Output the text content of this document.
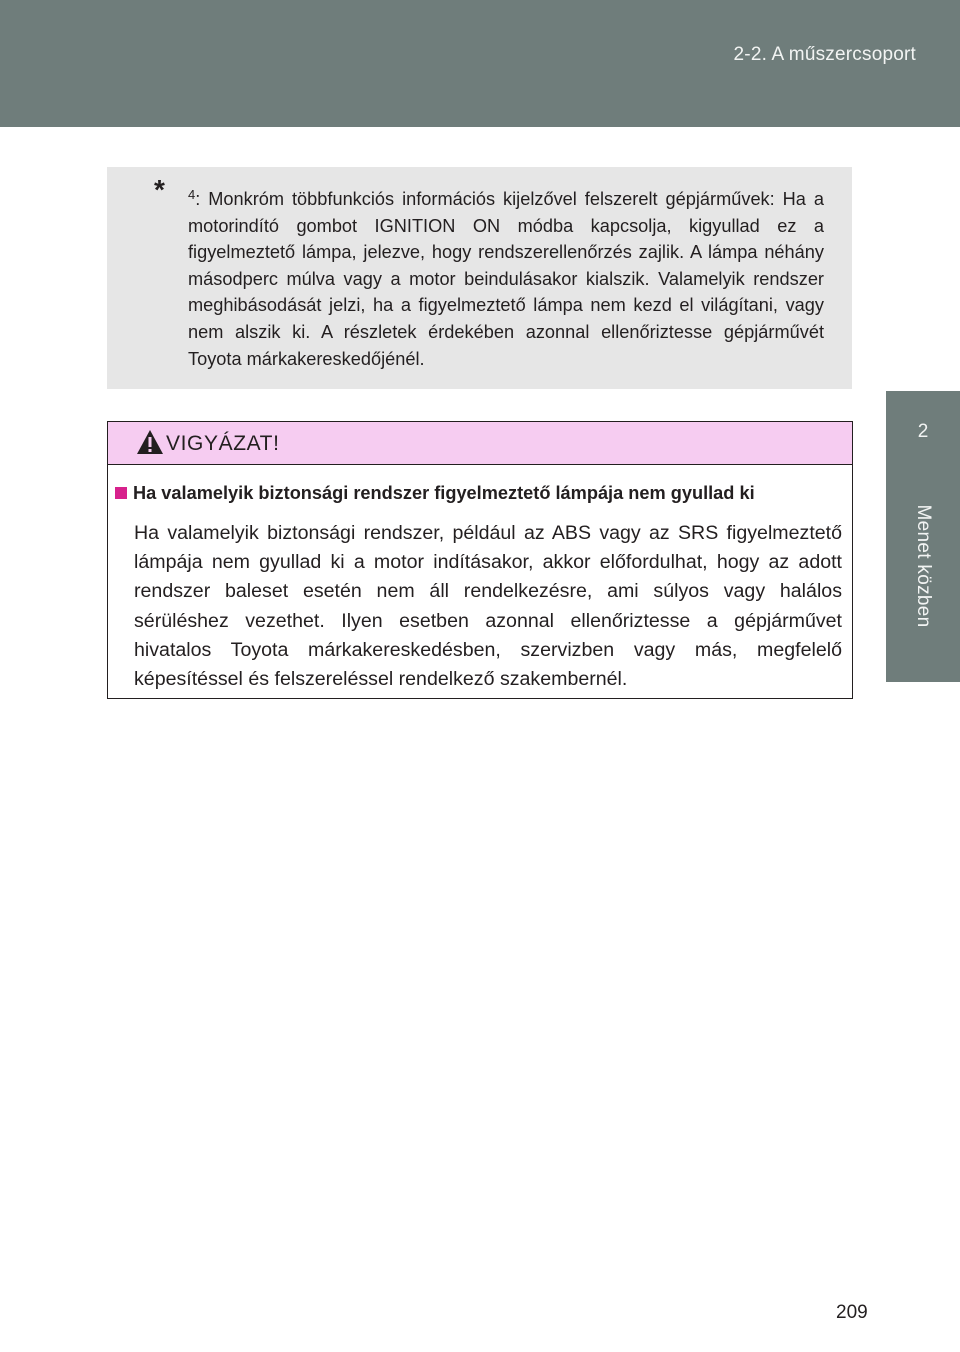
2-2. A műszercsoport
2
Menet közben
* $^4$: Monkróm többfunkciós információs kijelzővel felszerelt gépjárművek: Ha a motorindító gombot IGNITION ON módba kapcsolja, kigyullad ez a figyelmeztető lámpa, jelezve, hogy rendszerellenőrzés zajlik. A lámpa néhány másodperc múlva vagy a motor beindulásakor kialszik. Valamelyik rendszer meghibásodását jelzi, ha a figyelmeztető lámpa nem kezd el világítani, vagy nem alszik ki. A részletek érdekében azonnal ellenőriztesse gépjárművét Toyota márkakereskedőjénél.
VIGYÁZAT!
Ha valamelyik biztonsági rendszer figyelmeztető lámpája nem gyullad ki
Ha valamelyik biztonsági rendszer, például az ABS vagy az SRS figyelmeztető lámpája nem gyullad ki a motor indításakor, akkor előfordulhat, hogy az adott rendszer baleset esetén nem áll rendelkezésre, ami súlyos vagy halálos sérüléshez vezethet. Ilyen esetben azonnal ellenőriztesse a gépjárművet hivatalos Toyota márkakereskedésben, szervizben vagy más, megfelelő képesítéssel és felszereléssel rendelkező szakembernél.
209
